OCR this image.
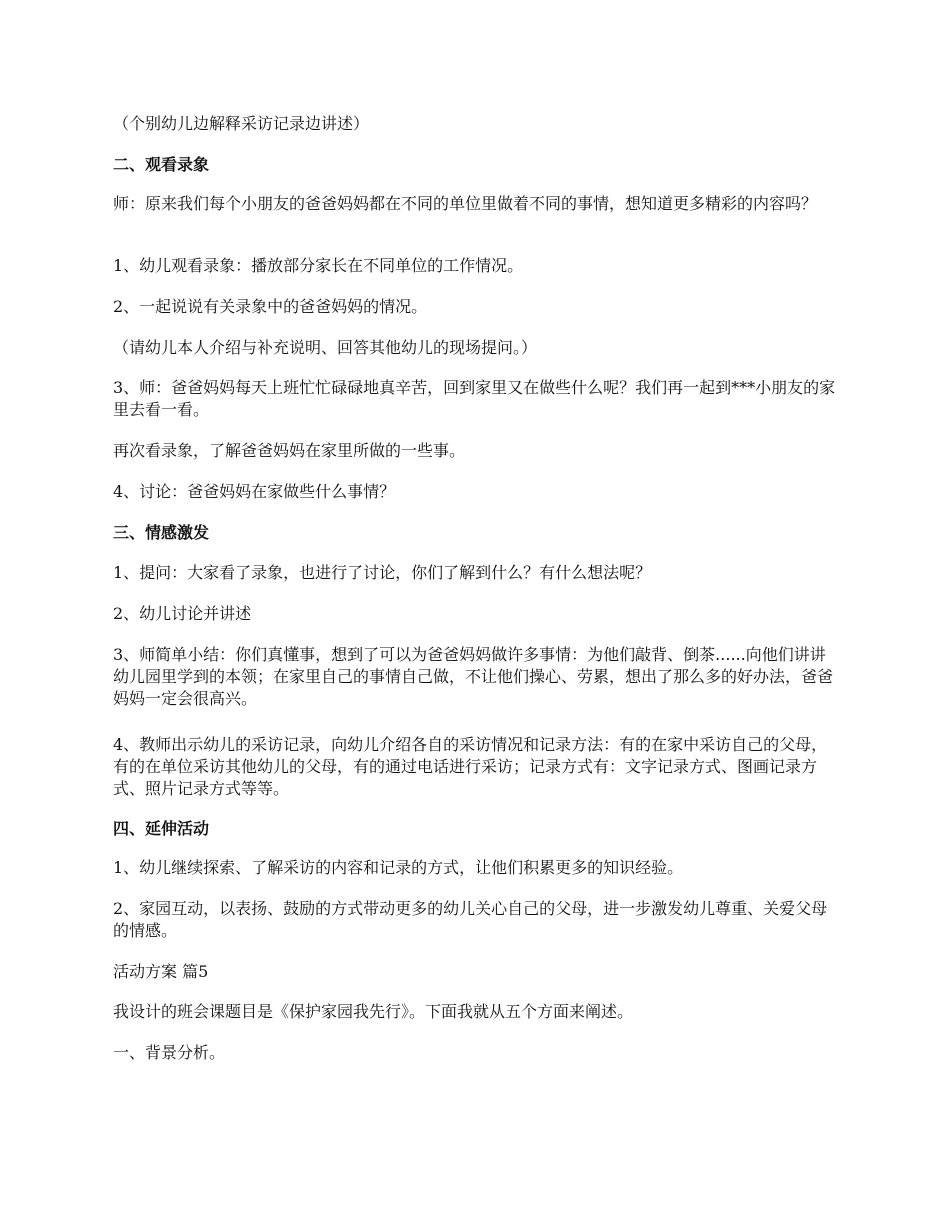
（个别幼儿边解释采访记录边讲述）

二、观看录象

师：原来我们每个小朋友的爸爸妈妈都在不同的单位里做着不同的事情，想知道更多精彩的内容吗？

1、幼儿观看录象：播放部分家长在不同单位的工作情况。

2、一起说说有关录象中的爸爸妈妈的情况。

（请幼儿本人介绍与补充说明、回答其他幼儿的现场提问。）

3、师：爸爸妈妈每天上班忙忙碌碌地真辛苦，回到家里又在做些什么呢？我们再一起到***小朋友的家里去看一看。

再次看录象，了解爸爸妈妈在家里所做的一些事。

4、讨论：爸爸妈妈在家做些什么事情？

三、情感激发

1、提问：大家看了录象，也进行了讨论，你们了解到什么？有什么想法呢？

2、幼儿讨论并讲述

3、师简单小结：你们真懂事，想到了可以为爸爸妈妈做许多事情：为他们敲背、倒茶......向他们讲讲幼儿园里学到的本领；在家里自己的事情自己做，不让他们操心、劳累，想出了那么多的好办法，爸爸妈妈一定会很高兴。

4、教师出示幼儿的采访记录，向幼儿介绍各自的采访情况和记录方法：有的在家中采访自己的父母，有的在单位采访其他幼儿的父母，有的通过电话进行采访；记录方式有：文字记录方式、图画记录方式、照片记录方式等等。

四、延伸活动

1、幼儿继续探索、了解采访的内容和记录的方式，让他们积累更多的知识经验。

2、家园互动，以表扬、鼓励的方式带动更多的幼儿关心自己的父母，进一步激发幼儿尊重、关爱父母的情感。

活动方案 篇5

我设计的班会课题目是《保护家园我先行》。下面我就从五个方面来阐述。

一、背景分析。
